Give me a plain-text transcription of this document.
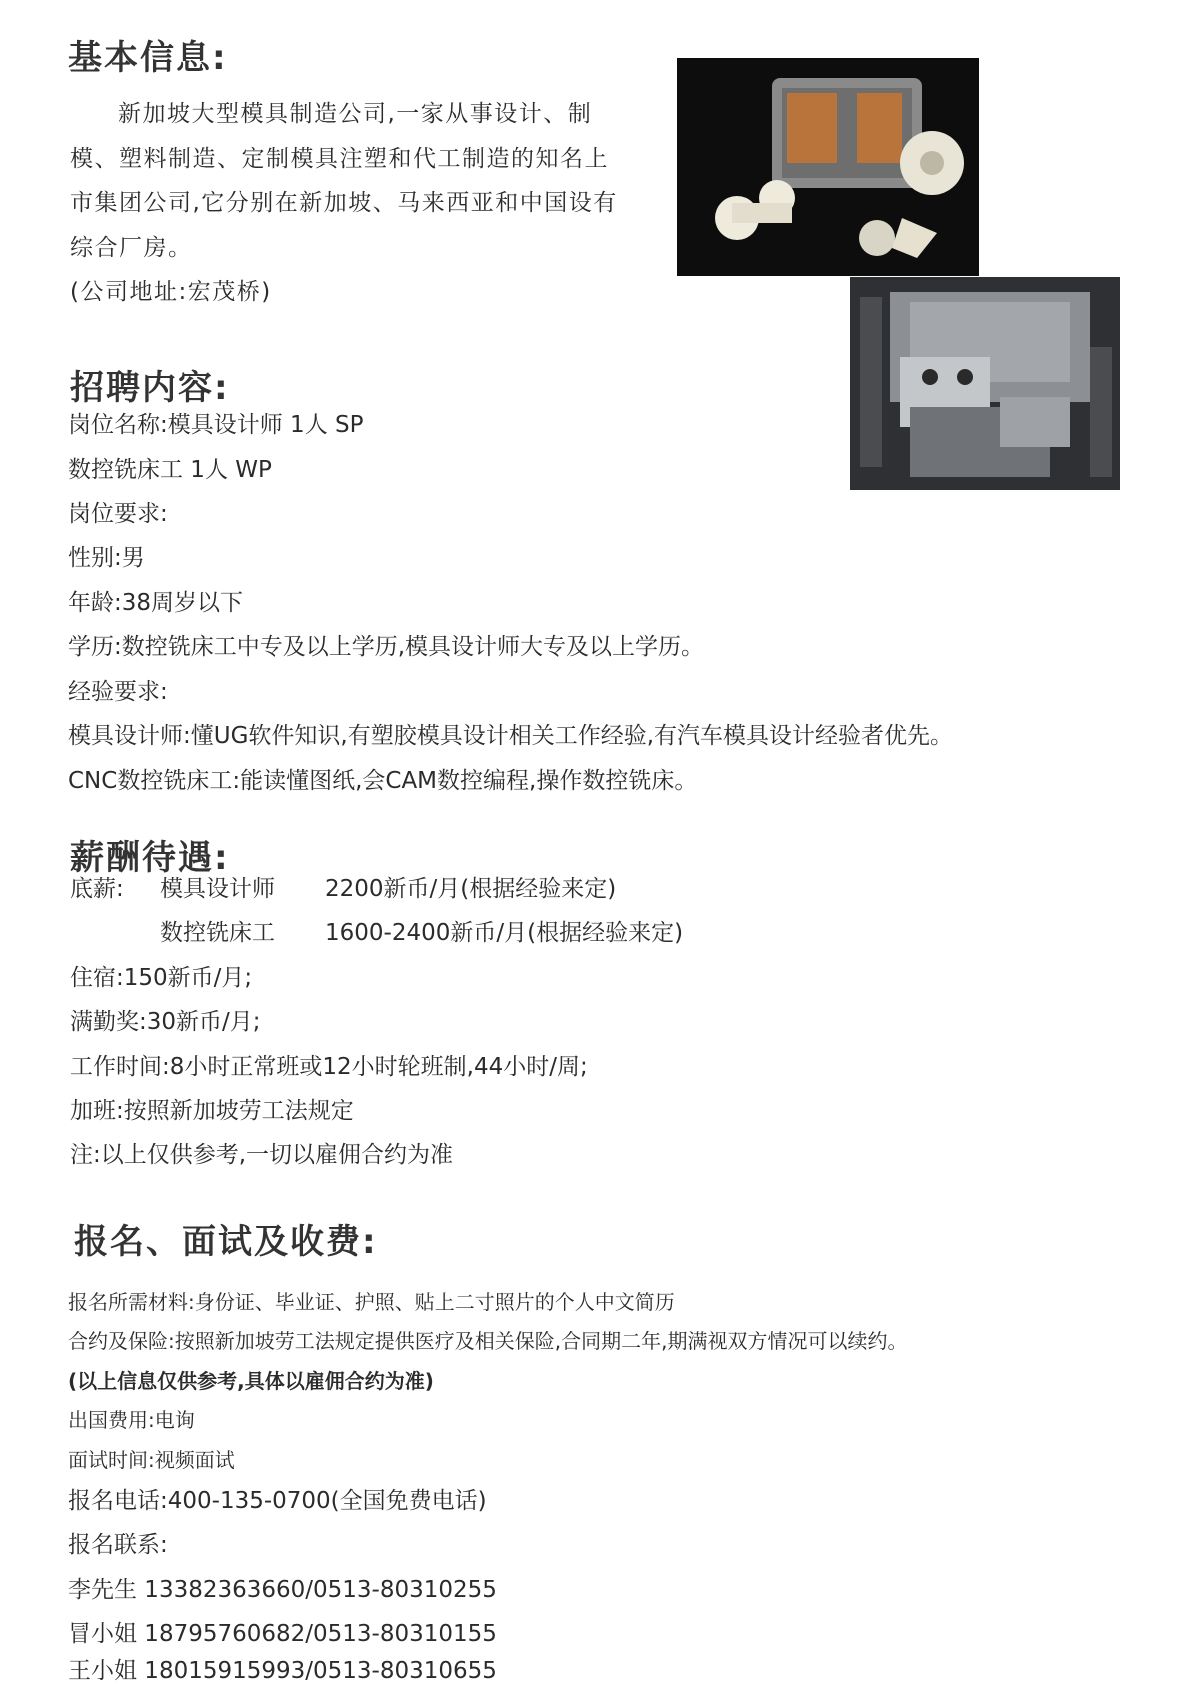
基本信息:

新加坡大型模具制造公司,一家从事设计、制模、塑料制造、定制模具注塑和代工制造的知名上市集团公司,它分别在新加坡、马来西亚和中国设有综合厂房。

(公司地址:宏茂桥)

招聘内容:
岗位名称:模具设计师 1人 SP
数控铣床工 1人 WP
岗位要求:
性别:男
年龄:38周岁以下
学历:数控铣床工中专及以上学历,模具设计师大专及以上学历。
经验要求:
模具设计师:懂UG软件知识,有塑胶模具设计相关工作经验,有汽车模具设计经验者优先。
CNC数控铣床工:能读懂图纸,会CAM数控编程,操作数控铣床。
薪酬待遇:
底薪: 模具设计师 2200新币/月(根据经验来定)
数控铣床工 1600-2400新币/月(根据经验来定)
住宿:150新币/月;
满勤奖:30新币/月;
工作时间:8小时正常班或12小时轮班制,44小时/周;
加班:按照新加坡劳工法规定
注:以上仅供参考,一切以雇佣合约为准
报名、面试及收费:
报名所需材料:身份证、毕业证、护照、贴上二寸照片的个人中文简历
合约及保险:按照新加坡劳工法规定提供医疗及相关保险,合同期二年,期满视双方情况可以续约。
(以上信息仅供参考,具体以雇佣合约为准)
出国费用:电询
面试时间:视频面试
报名电话:400-135-0700(全国免费电话)
报名联系:
李先生 13382363660/0513-80310255
冒小姐 18795760682/0513-80310155
王小姐 18015915993/0513-80310655
